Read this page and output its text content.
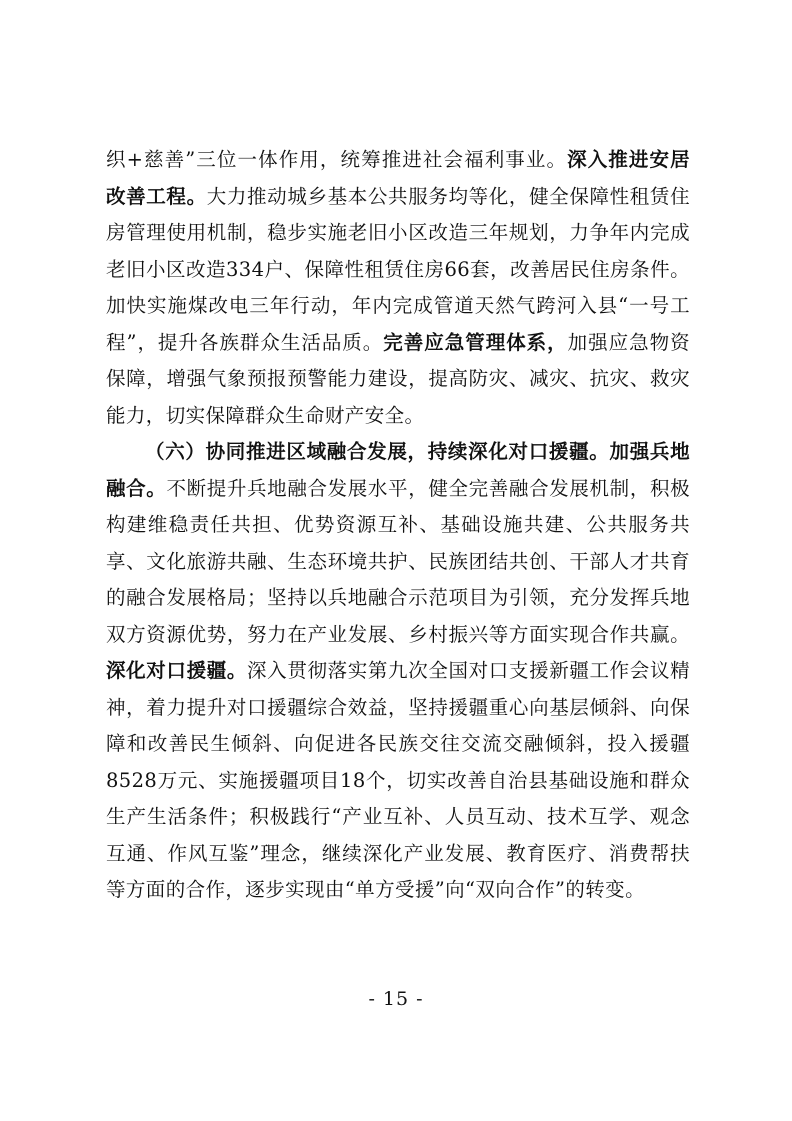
织+慈善”三位一体作用，统筹推进社会福利事业。深入推进安居改善工程。大力推动城乡基本公共服务均等化，健全保障性租赁住房管理使用机制，稳步实施老旧小区改造三年规划，力争年内完成老旧小区改造334户、保障性租赁住房66套，改善居民住房条件。加快实施煤改电三年行动，年内完成管道天然气跨河入县“一号工程”，提升各族群众生活品质。完善应急管理体系，加强应急物资保障，增强气象预报预警能力建设，提高防灾、减灾、抗灾、救灾能力，切实保障群众生命财产安全。

（六）协同推进区域融合发展，持续深化对口援疆。加强兵地融合。不断提升兵地融合发展水平，健全完善融合发展机制，积极构建维稳责任共担、优势资源互补、基础设施共建、公共服务共享、文化旅游共融、生态环境共护、民族团结共创、干部人才共育的融合发展格局；坚持以兵地融合示范项目为引领，充分发挥兵地双方资源优势，努力在产业发展、乡村振兴等方面实现合作共赢。深化对口援疆。深入贯彻落实第九次全国对口支援新疆工作会议精神，着力提升对口援疆综合效益，坚持援疆重心向基层倾斜、向保障和改善民生倾斜、向促进各民族交往交流交融倾斜，投入援疆8528万元、实施援疆项目18个，切实改善自治县基础设施和群众生产生活条件；积极践行“产业互补、人员互动、技术互学、观念互通、作风互鉴”理念，继续深化产业发展、教育医疗、消费帮扶等方面的合作，逐步实现由“单方受援”向“双向合作”的转变。

- 15 -
